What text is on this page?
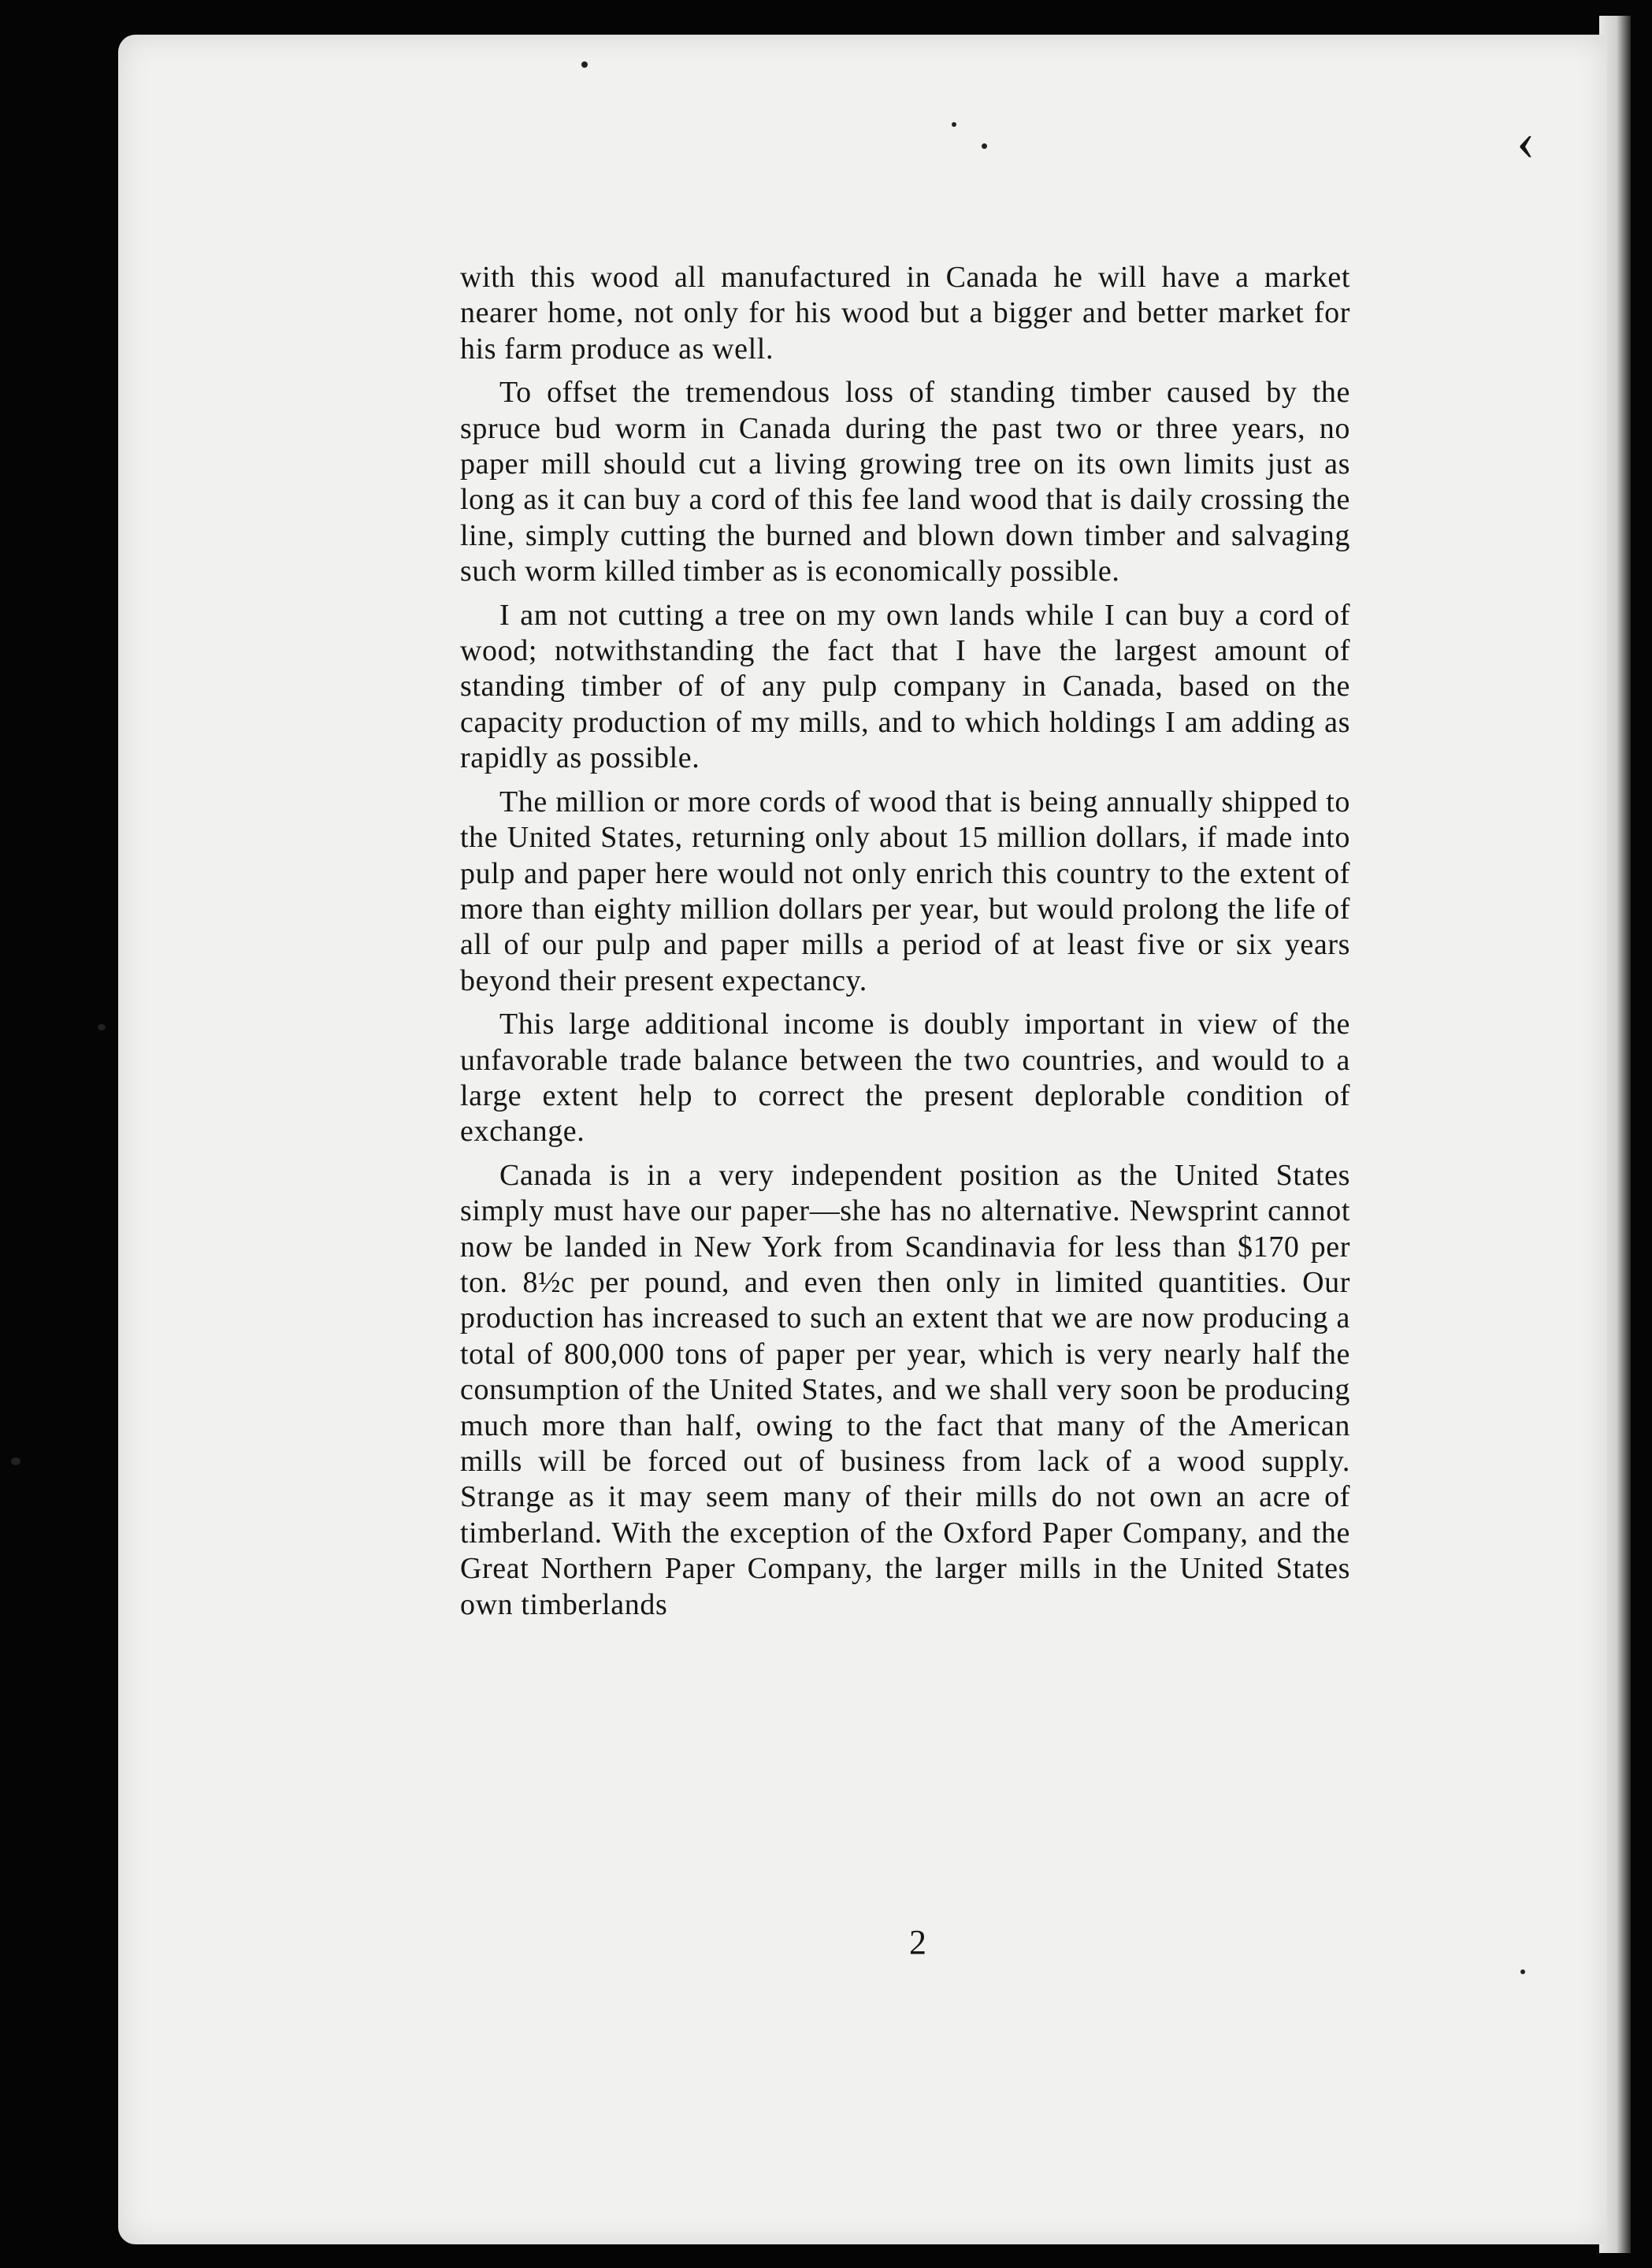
‹

with this wood all manufactured in Canada he will have a market nearer home, not only for his wood but a bigger and better market for his farm produce as well.

To offset the tremendous loss of standing timber caused by the spruce bud worm in Canada during the past two or three years, no paper mill should cut a living growing tree on its own limits just as long as it can buy a cord of this fee land wood that is daily crossing the line, simply cutting the burned and blown down timber and salvaging such worm killed timber as is economically possible.

I am not cutting a tree on my own lands while I can buy a cord of wood; notwithstanding the fact that I have the largest amount of standing timber of of any pulp company in Canada, based on the capacity production of my mills, and to which holdings I am adding as rapidly as possible.

The million or more cords of wood that is being annually shipped to the United States, returning only about 15 million dollars, if made into pulp and paper here would not only enrich this country to the extent of more than eighty million dollars per year, but would prolong the life of all of our pulp and paper mills a period of at least five or six years beyond their present expectancy.

This large additional income is doubly important in view of the unfavorable trade balance between the two countries, and would to a large extent help to correct the present deplorable condition of exchange.

Canada is in a very independent position as the United States simply must have our paper—she has no alternative. Newsprint cannot now be landed in New York from Scandinavia for less than $170 per ton. 8½c per pound, and even then only in limited quantities. Our production has increased to such an extent that we are now producing a total of 800,000 tons of paper per year, which is very nearly half the consumption of the United States, and we shall very soon be producing much more than half, owing to the fact that many of the American mills will be forced out of business from lack of a wood supply. Strange as it may seem many of their mills do not own an acre of timberland. With the exception of the Oxford Paper Company, and the Great Northern Paper Company, the larger mills in the United States own timberlands

2
